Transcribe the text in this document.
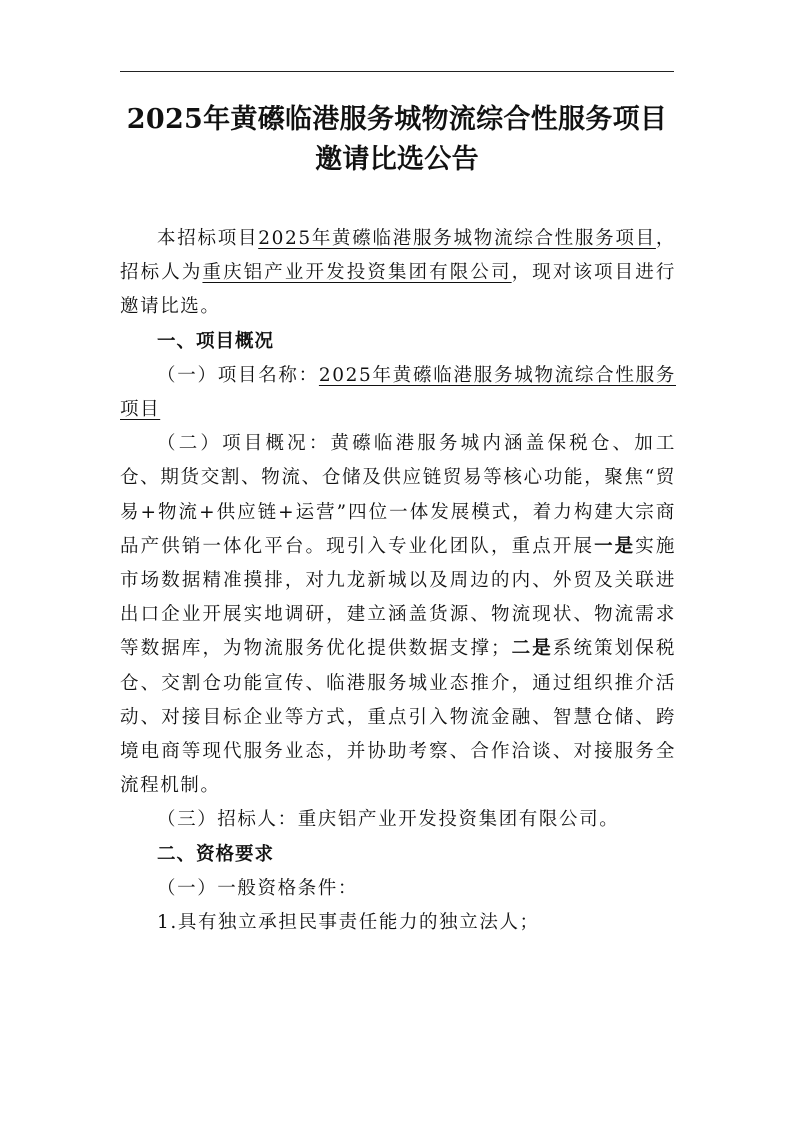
2025年黄礤临港服务城物流综合性服务项目邀请比选公告

本招标项目2025年黄礤临港服务城物流综合性服务项目，招标人为重庆铝产业开发投资集团有限公司，现对该项目进行邀请比选。

一、项目概况

（一）项目名称：2025年黄礤临港服务城物流综合性服务项目

（二）项目概况：黄礤临港服务城内涵盖保税仓、加工仓、期货交割、物流、仓储及供应链贸易等核心功能，聚焦“贸易+物流+供应链+运营”四位一体发展模式，着力构建大宗商品产供销一体化平台。现引入专业化团队，重点开展一是实施市场数据精准摸排，对九龙新城以及周边的内、外贸及关联进出口企业开展实地调研，建立涵盖货源、物流现状、物流需求等数据库，为物流服务优化提供数据支撑；二是系统策划保税仓、交割仓功能宣传、临港服务城业态推介，通过组织推介活动、对接目标企业等方式，重点引入物流金融、智慧仓储、跨境电商等现代服务业态，并协助考察、合作洽谈、对接服务全流程机制。

（三）招标人：重庆铝产业开发投资集团有限公司。

二、资格要求

（一）一般资格条件：

1.具有独立承担民事责任能力的独立法人；
